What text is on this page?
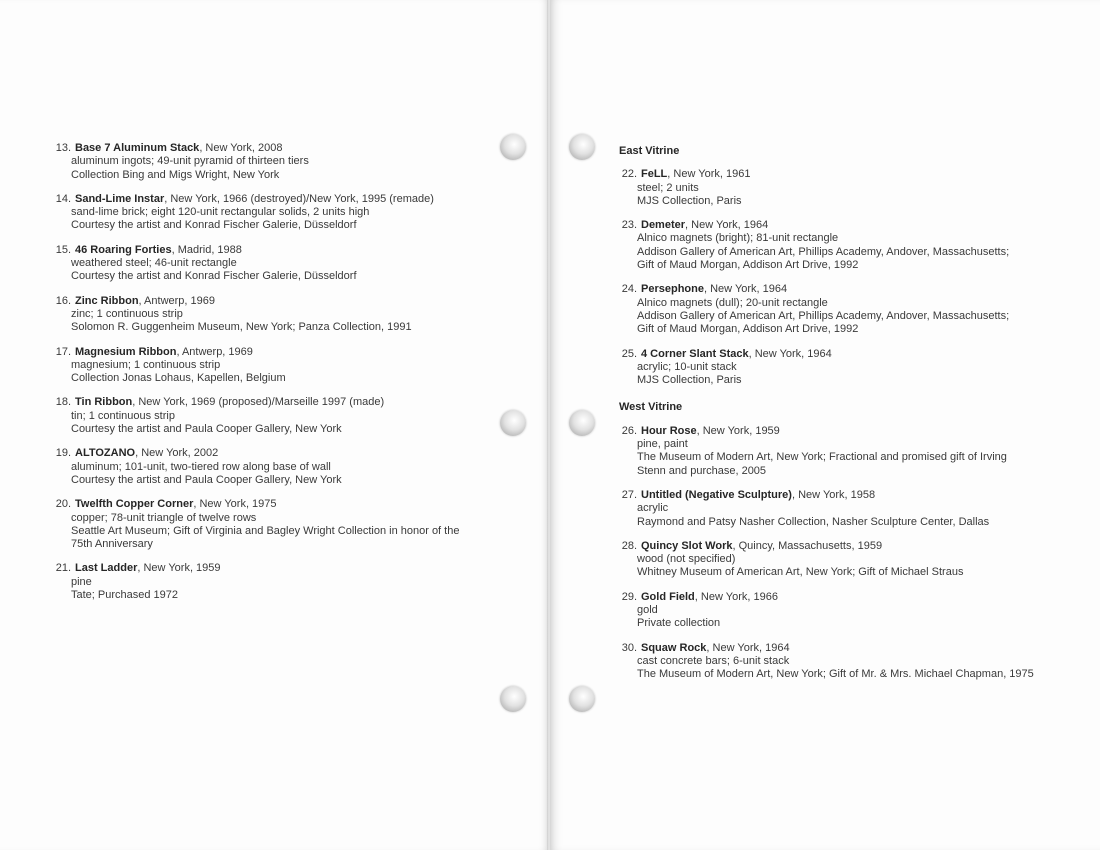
13. Base 7 Aluminum Stack, New York, 2008
aluminum ingots; 49-unit pyramid of thirteen tiers
Collection Bing and Migs Wright, New York
14. Sand-Lime Instar, New York, 1966 (destroyed)/New York, 1995 (remade)
sand-lime brick; eight 120-unit rectangular solids, 2 units high
Courtesy the artist and Konrad Fischer Galerie, Düsseldorf
15. 46 Roaring Forties, Madrid, 1988
weathered steel; 46-unit rectangle
Courtesy the artist and Konrad Fischer Galerie, Düsseldorf
16. Zinc Ribbon, Antwerp, 1969
zinc; 1 continuous strip
Solomon R. Guggenheim Museum, New York; Panza Collection, 1991
17. Magnesium Ribbon, Antwerp, 1969
magnesium; 1 continuous strip
Collection Jonas Lohaus, Kapellen, Belgium
18. Tin Ribbon, New York, 1969 (proposed)/Marseille 1997 (made)
tin; 1 continuous strip
Courtesy the artist and Paula Cooper Gallery, New York
19. ALTOZANO, New York, 2002
aluminum; 101-unit, two-tiered row along base of wall
Courtesy the artist and Paula Cooper Gallery, New York
20. Twelfth Copper Corner, New York, 1975
copper; 78-unit triangle of twelve rows
Seattle Art Museum; Gift of Virginia and Bagley Wright Collection in honor of the
75th Anniversary
21. Last Ladder, New York, 1959
pine
Tate; Purchased 1972
East Vitrine
22. FeLL, New York, 1961
steel; 2 units
MJS Collection, Paris
23. Demeter, New York, 1964
Alnico magnets (bright); 81-unit rectangle
Addison Gallery of American Art, Phillips Academy, Andover, Massachusetts;
Gift of Maud Morgan, Addison Art Drive, 1992
24. Persephone, New York, 1964
Alnico magnets (dull); 20-unit rectangle
Addison Gallery of American Art, Phillips Academy, Andover, Massachusetts;
Gift of Maud Morgan, Addison Art Drive, 1992
25. 4 Corner Slant Stack, New York, 1964
acrylic; 10-unit stack
MJS Collection, Paris
West Vitrine
26. Hour Rose, New York, 1959
pine, paint
The Museum of Modern Art, New York; Fractional and promised gift of Irving
Stenn and purchase, 2005
27. Untitled (Negative Sculpture), New York, 1958
acrylic
Raymond and Patsy Nasher Collection, Nasher Sculpture Center, Dallas
28. Quincy Slot Work, Quincy, Massachusetts, 1959
wood (not specified)
Whitney Museum of American Art, New York; Gift of Michael Straus
29. Gold Field, New York, 1966
gold
Private collection
30. Squaw Rock, New York, 1964
cast concrete bars; 6-unit stack
The Museum of Modern Art, New York; Gift of Mr. & Mrs. Michael Chapman, 1975
